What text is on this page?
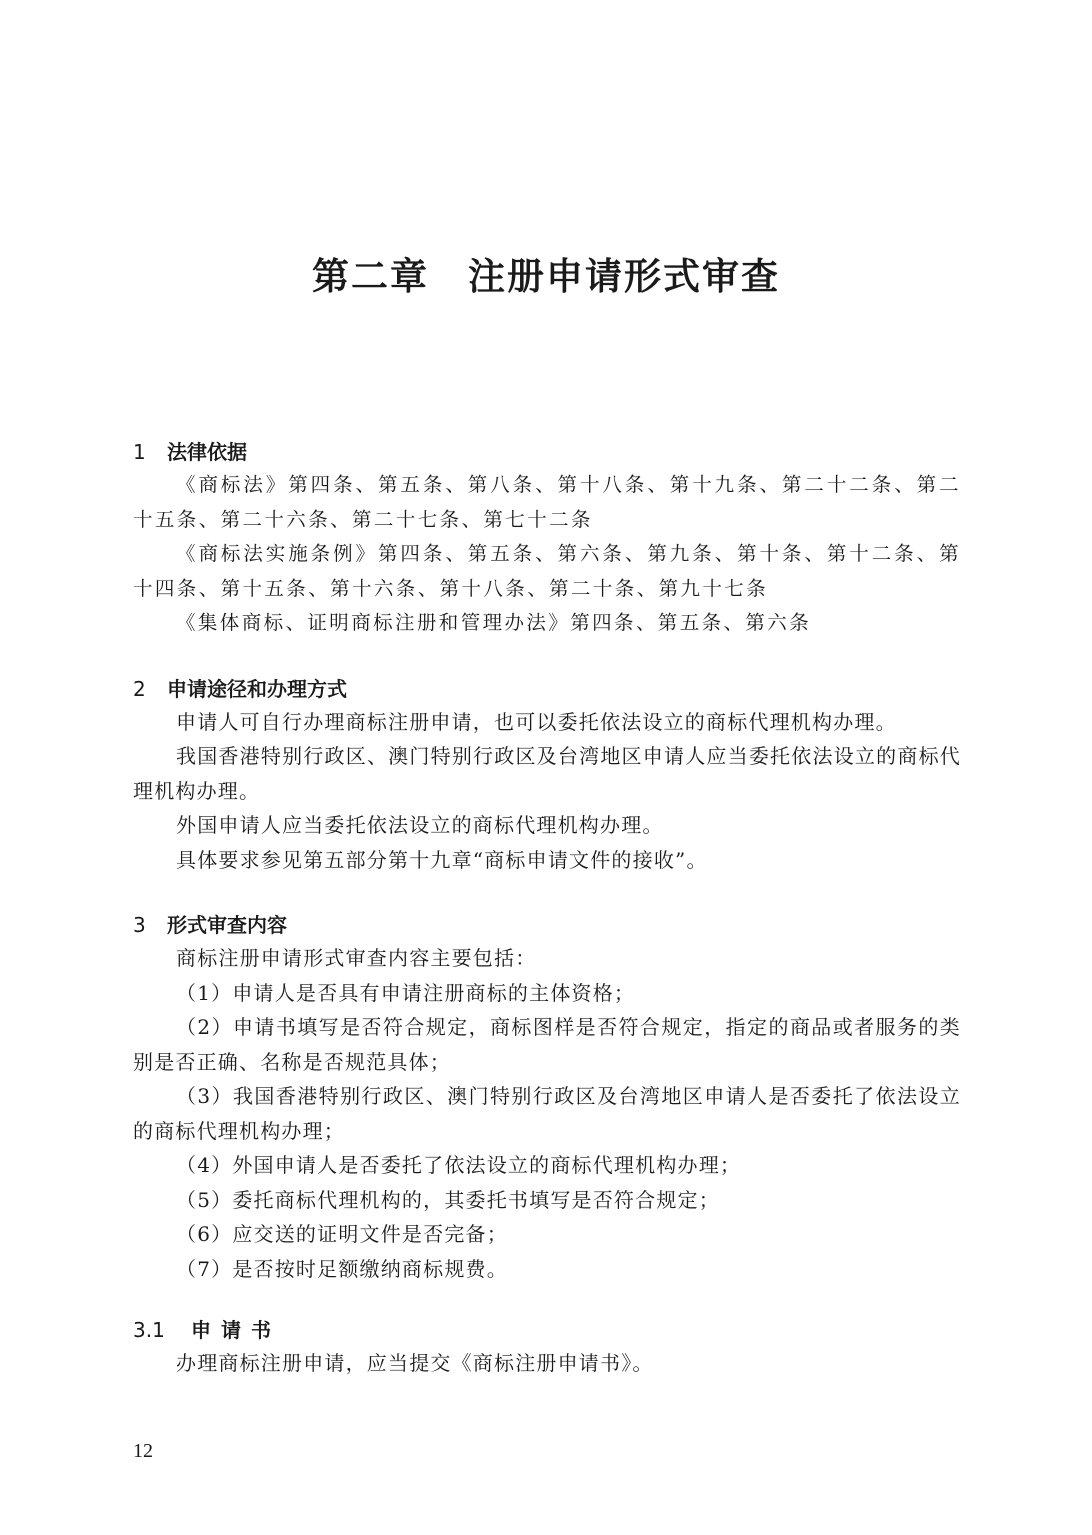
第二章　注册申请形式审查
1 法律依据

《商标法》第四条、第五条、第八条、第十八条、第十九条、第二十二条、第二十五条、第二十六条、第二十七条、第七十二条

《商标法实施条例》第四条、第五条、第六条、第九条、第十条、第十二条、第十四条、第十五条、第十六条、第十八条、第二十条、第九十七条

《集体商标、证明商标注册和管理办法》第四条、第五条、第六条

2 申请途径和办理方式

申请人可自行办理商标注册申请，也可以委托依法设立的商标代理机构办理。

我国香港特别行政区、澳门特别行政区及台湾地区申请人应当委托依法设立的商标代理机构办理。

外国申请人应当委托依法设立的商标代理机构办理。

具体要求参见第五部分第十九章“商标申请文件的接收”。

3 形式审查内容

商标注册申请形式审查内容主要包括：

（1）申请人是否具有申请注册商标的主体资格；

（2）申请书填写是否符合规定，商标图样是否符合规定，指定的商品或者服务的类别是否正确、名称是否规范具体；

（3）我国香港特别行政区、澳门特别行政区及台湾地区申请人是否委托了依法设立的商标代理机构办理；

（4）外国申请人是否委托了依法设立的商标代理机构办理；

（5）委托商标代理机构的，其委托书填写是否符合规定；

（6）应交送的证明文件是否完备；

（7）是否按时足额缴纳商标规费。

3.1 申请书

办理商标注册申请，应当提交《商标注册申请书》。

12
